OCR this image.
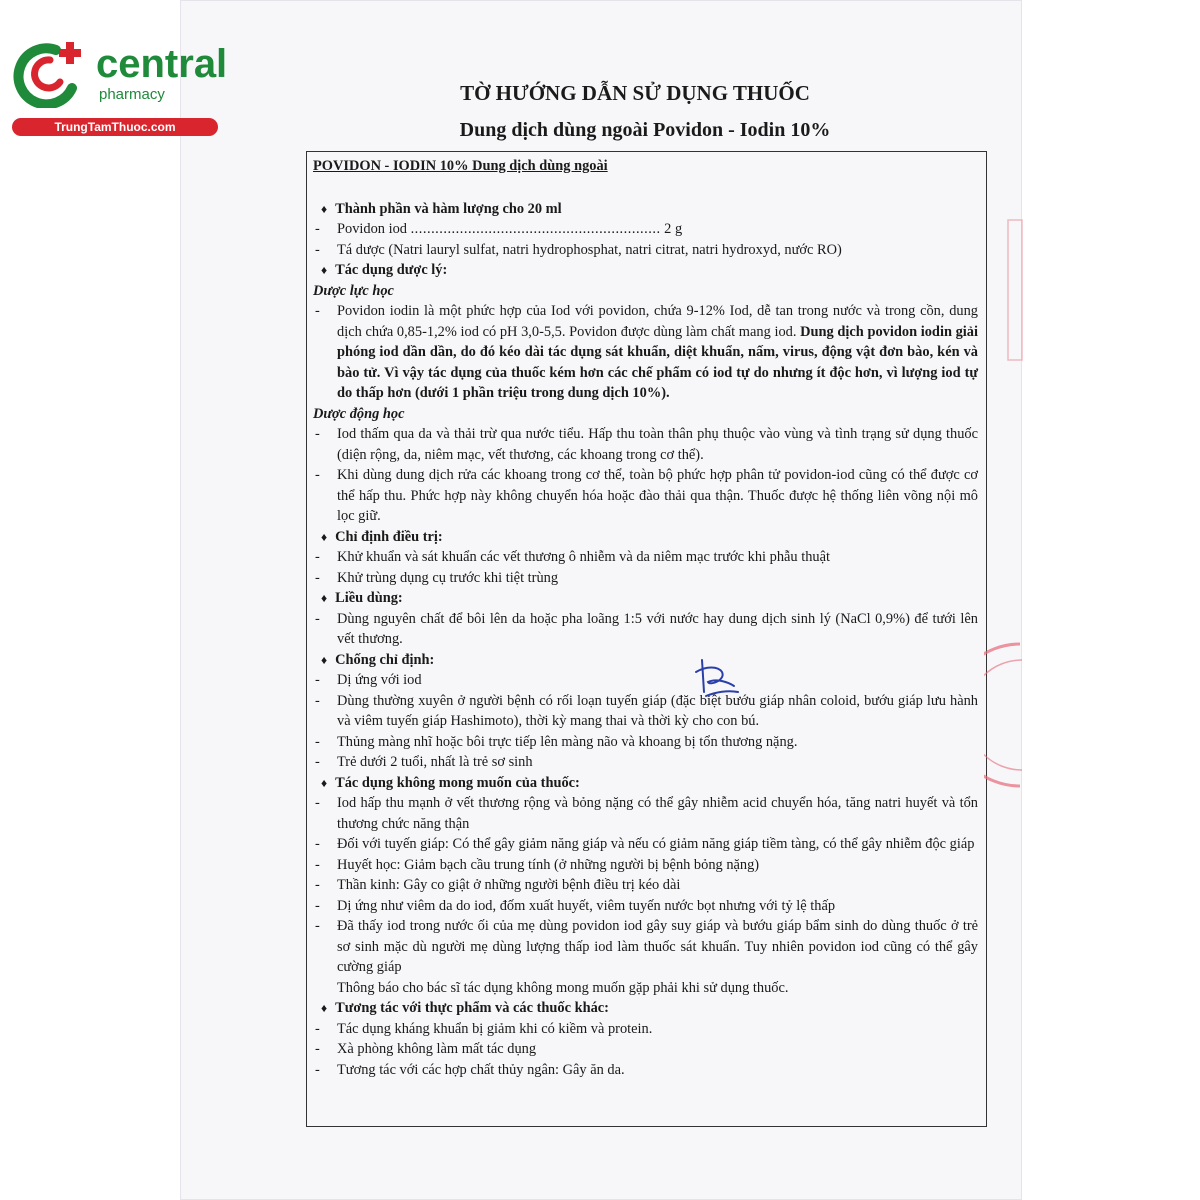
central
pharmacy
TrungTamThuoc.com
TỜ HƯỚNG DẪN SỬ DỤNG THUỐC
Dung dịch dùng ngoài Povidon - Iodin 10%
POVIDON - IODIN 10% Dung dịch dùng ngoài
♦ Thành phần và hàm lượng cho 20 ml
- Povidon iod ............................................................. 2 g
- Tá dược (Natri lauryl sulfat, natri hydrophosphat, natri citrat, natri hydroxyd, nước RO)
♦ Tác dụng dược lý:
Dược lực học
- Povidon iodin là một phức hợp của Iod với povidon, chứa 9-12% Iod, dễ tan trong nước và trong cồn, dung dịch chứa 0,85-1,2% iod có pH 3,0-5,5. Povidon được dùng làm chất mang iod. Dung dịch povidon iodin giải phóng iod dần dần, do đó kéo dài tác dụng sát khuẩn, diệt khuẩn, nấm, virus, động vật đơn bào, kén và bào tử. Vì vậy tác dụng của thuốc kém hơn các chế phẩm có iod tự do nhưng ít độc hơn, vì lượng iod tự do thấp hơn (dưới 1 phần triệu trong dung dịch 10%).
Dược động học
- Iod thấm qua da và thải trừ qua nước tiểu. Hấp thu toàn thân phụ thuộc vào vùng và tình trạng sử dụng thuốc (diện rộng, da, niêm mạc, vết thương, các khoang trong cơ thể).
- Khi dùng dung dịch rửa các khoang trong cơ thể, toàn bộ phức hợp phân tử povidon-iod cũng có thể được cơ thể hấp thu. Phức hợp này không chuyển hóa hoặc đào thải qua thận. Thuốc được hệ thống liên võng nội mô lọc giữ.
♦ Chỉ định điều trị:
- Khử khuẩn và sát khuẩn các vết thương ô nhiễm và da niêm mạc trước khi phẫu thuật
- Khử trùng dụng cụ trước khi tiệt trùng
♦ Liều dùng:
- Dùng nguyên chất để bôi lên da hoặc pha loãng 1:5 với nước hay dung dịch sinh lý (NaCl 0,9%) để tưới lên vết thương.
♦ Chống chỉ định:
- Dị ứng với iod
- Dùng thường xuyên ở người bệnh có rối loạn tuyến giáp (đặc biệt bướu giáp nhân coloid, bướu giáp lưu hành và viêm tuyến giáp Hashimoto), thời kỳ mang thai và thời kỳ cho con bú.
- Thủng màng nhĩ hoặc bôi trực tiếp lên màng não và khoang bị tổn thương nặng.
- Trẻ dưới 2 tuổi, nhất là trẻ sơ sinh
♦ Tác dụng không mong muốn của thuốc:
- Iod hấp thu mạnh ở vết thương rộng và bỏng nặng có thể gây nhiễm acid chuyển hóa, tăng natri huyết và tổn thương chức năng thận
- Đối với tuyến giáp: Có thể gây giảm năng giáp và nếu có giảm năng giáp tiềm tàng, có thể gây nhiễm độc giáp
- Huyết học: Giảm bạch cầu trung tính (ở những người bị bệnh bỏng nặng)
- Thần kinh: Gây co giật ở những người bệnh điều trị kéo dài
- Dị ứng như viêm da do iod, đốm xuất huyết, viêm tuyến nước bọt nhưng với tỷ lệ thấp
- Đã thấy iod trong nước ối của mẹ dùng povidon iod gây suy giáp và bướu giáp bẩm sinh do dùng thuốc ở trẻ sơ sinh mặc dù người mẹ dùng lượng thấp iod làm thuốc sát khuẩn. Tuy nhiên povidon iod cũng có thể gây cường giáp
Thông báo cho bác sĩ tác dụng không mong muốn gặp phải khi sử dụng thuốc.
♦ Tương tác với thực phẩm và các thuốc khác:
- Tác dụng kháng khuẩn bị giảm khi có kiềm và protein.
- Xà phòng không làm mất tác dụng
- Tương tác với các hợp chất thủy ngân: Gây ăn da.
